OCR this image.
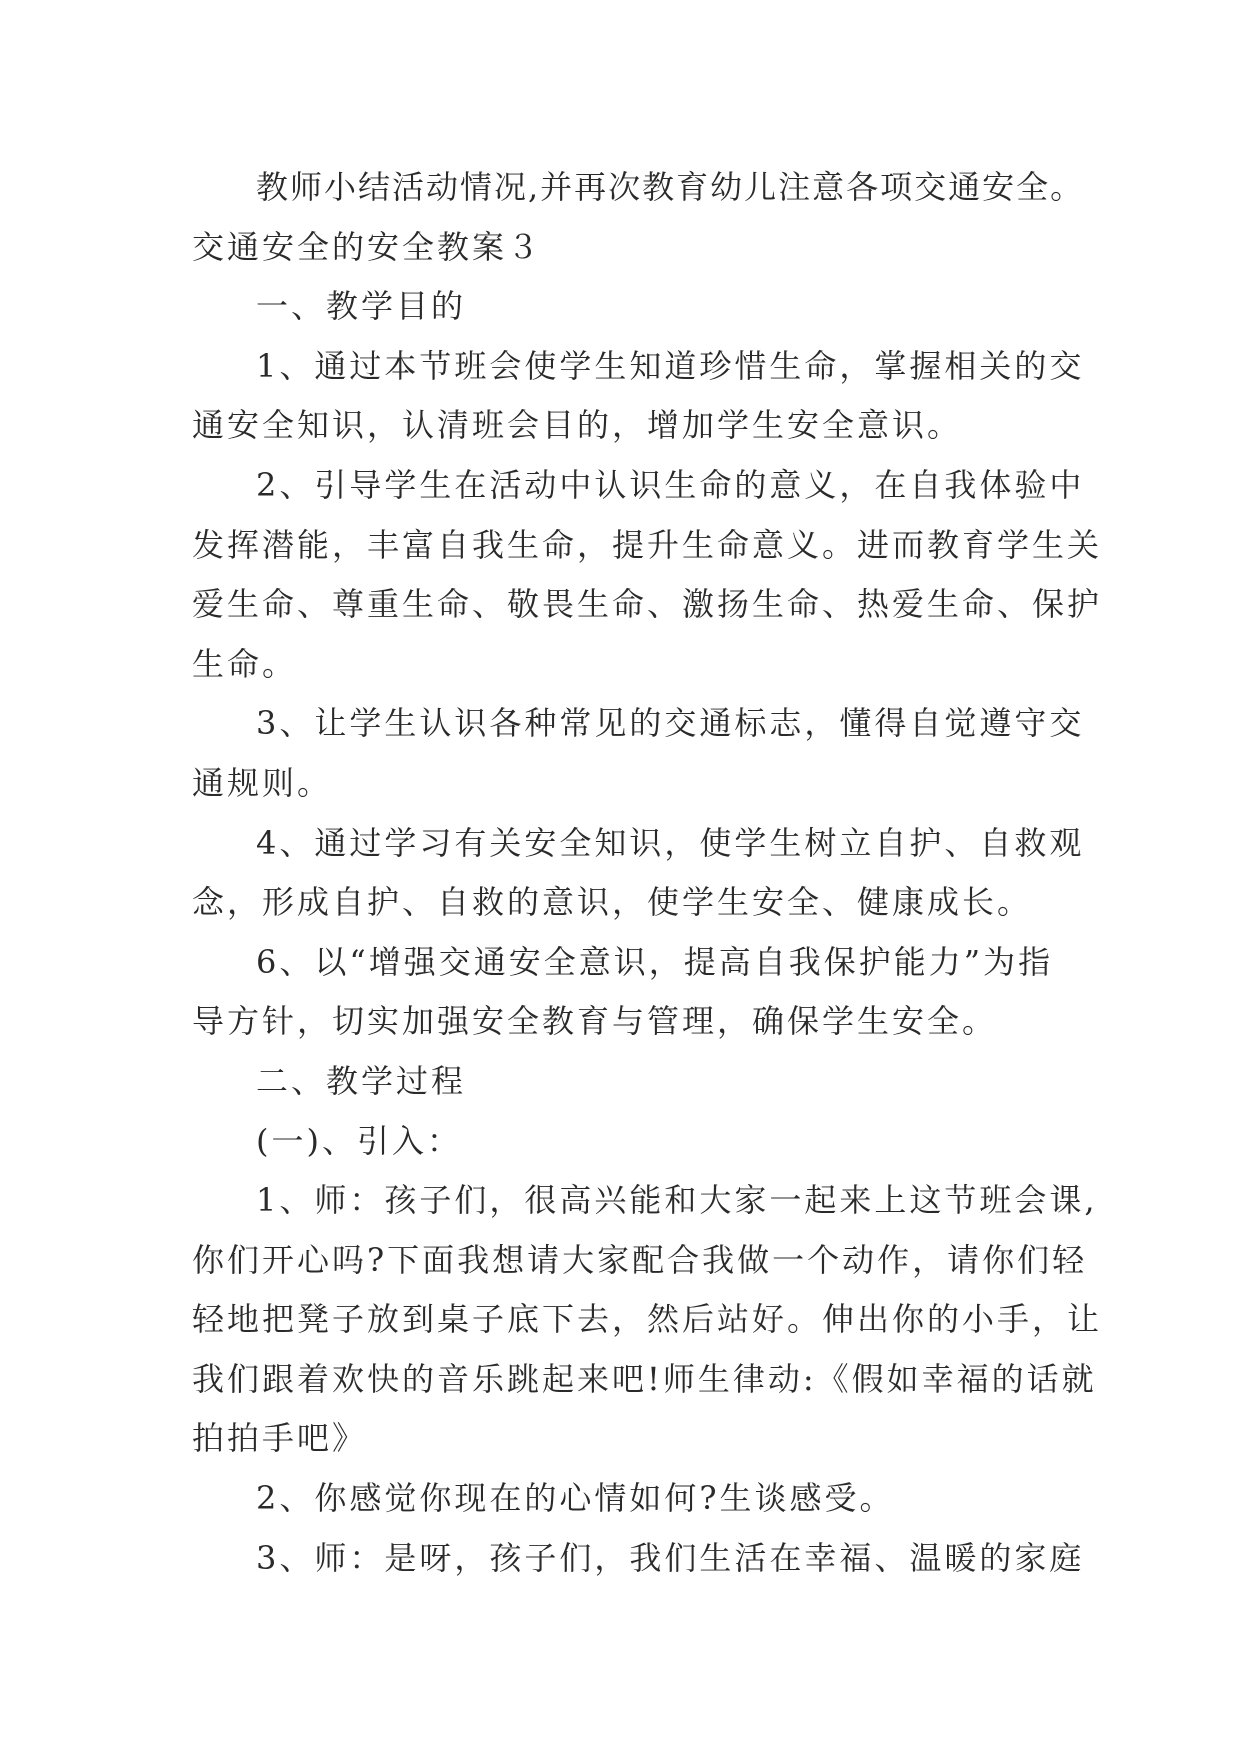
教师小结活动情况,并再次教育幼儿注意各项交通安全。
交通安全的安全教案３
一、教学目的
1、通过本节班会使学生知道珍惜生命，掌握相关的交
通安全知识，认清班会目的，增加学生安全意识。
2、引导学生在活动中认识生命的意义，在自我体验中
发挥潜能，丰富自我生命，提升生命意义。进而教育学生关
爱生命、尊重生命、敬畏生命、激扬生命、热爱生命、保护
生命。
3、让学生认识各种常见的交通标志，懂得自觉遵守交
通规则。
4、通过学习有关安全知识，使学生树立自护、自救观
念，形成自护、自救的意识，使学生安全、健康成长。
6、以“增强交通安全意识，提高自我保护能力”为指
导方针，切实加强安全教育与管理，确保学生安全。
二、教学过程
(一)、引入：
1、师：孩子们，很高兴能和大家一起来上这节班会课,
你们开心吗?下面我想请大家配合我做一个动作，请你们轻
轻地把凳子放到桌子底下去，然后站好。伸出你的小手，让
我们跟着欢快的音乐跳起来吧!师生律动:《假如幸福的话就
拍拍手吧》
2、你感觉你现在的心情如何?生谈感受。
3、师：是呀，孩子们，我们生活在幸福、温暖的家庭
